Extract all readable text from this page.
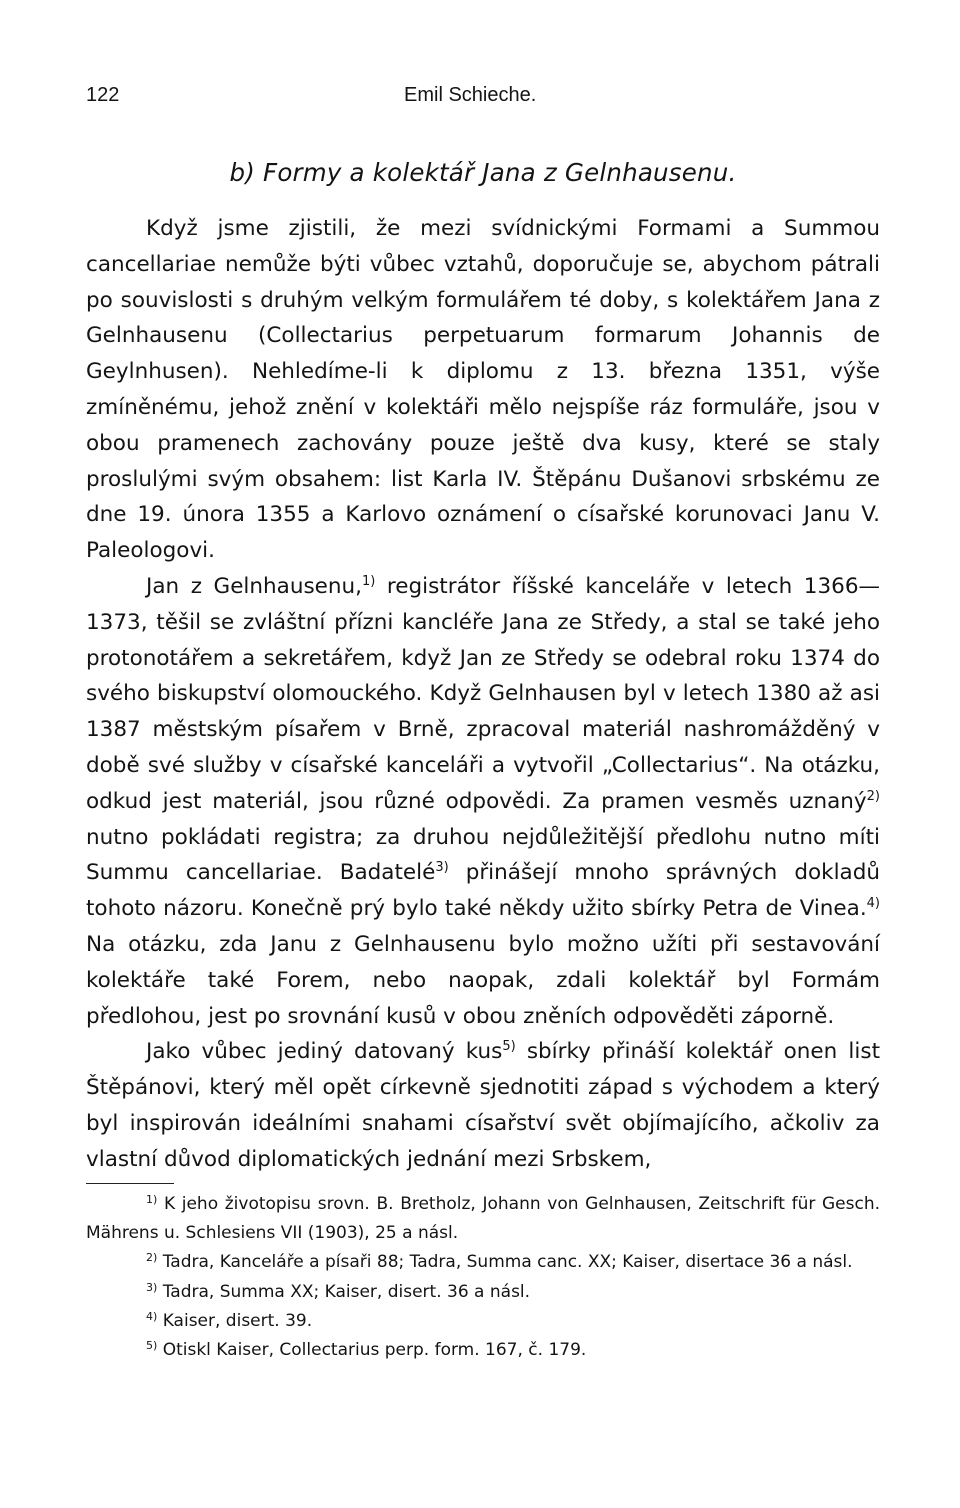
122	Emil Schieche.
b) Formy a kolektář Jana z Gelnhausenu.

Když jsme zjistili, že mezi svídnickými Formami a Summou cancellariae nemůže býti vůbec vztahů, doporučuje se, abychom pátrali po souvislosti s druhým velkým formulářem té doby, s kolektářem Jana z Gelnhausenu (Collectarius perpetuarum formarum Johannis de Geylnhusen). Nehledíme-li k diplomu z 13. března 1351, výše zmíněnému, jehož znění v kolektáři mělo nejspíše ráz formuláře, jsou v obou pramenech zachovány pouze ještě dva kusy, které se staly proslulými svým obsahem: list Karla IV. Štěpánu Dušanovi srbskému ze dne 19. února 1355 a Karlovo oznámení o císařské korunovaci Janu V. Paleologovi.

Jan z Gelnhausenu,$^{1)}$ registrátor říšské kanceláře v letech 1366—1373, těšil se zvláštní přízni kancléře Jana ze Středy, a stal se také jeho protonotářem a sekretářem, když Jan ze Středy se odebral roku 1374 do svého biskupství olomouckého. Když Gelnhausen byl v letech 1380 až asi 1387 městským písařem v Brně, zpracoval materiál nashromážděný v době své služby v císařské kanceláři a vytvořil „Collectarius“. Na otázku, odkud jest materiál, jsou různé odpovědi. Za pramen vesměs uznaný$^{2)}$ nutno pokládati registra; za druhou nejdůležitější předlohu nutno míti Summu cancellariae. Badatelé$^{3)}$ přinášejí mnoho správných dokladů tohoto názoru. Konečně prý bylo také někdy užito sbírky Petra de Vinea.$^{4)}$ Na otázku, zda Janu z Gelnhausenu bylo možno užíti při sestavování kolektáře také Forem, nebo naopak, zdali kolektář byl Formám předlohou, jest po srovnání kusů v obou zněních odpověděti záporně.

Jako vůbec jediný datovaný kus$^{5)}$ sbírky přináší kolektář onen list Štěpánovi, který měl opět církevně sjednotiti západ s východem a který byl inspirován ideálními snahami císařství svět objímajícího, ačkoliv za vlastní důvod diplomatických jednání mezi Srbskem,

$^{1)}$ K jeho životopisu srovn. B. Bretholz, Johann von Gelnhausen, Zeitschrift für Gesch. Mährens u. Schlesiens VII (1903), 25 a násl.

$^{2)}$ Tadra, Kanceláře a písaři 88; Tadra, Summa canc. XX; Kaiser, disertace 36 a násl.

$^{3)}$ Tadra, Summa XX; Kaiser, disert. 36 a násl.

$^{4)}$ Kaiser, disert. 39.

$^{5)}$ Otiskl Kaiser, Collectarius perp. form. 167, č. 179.
